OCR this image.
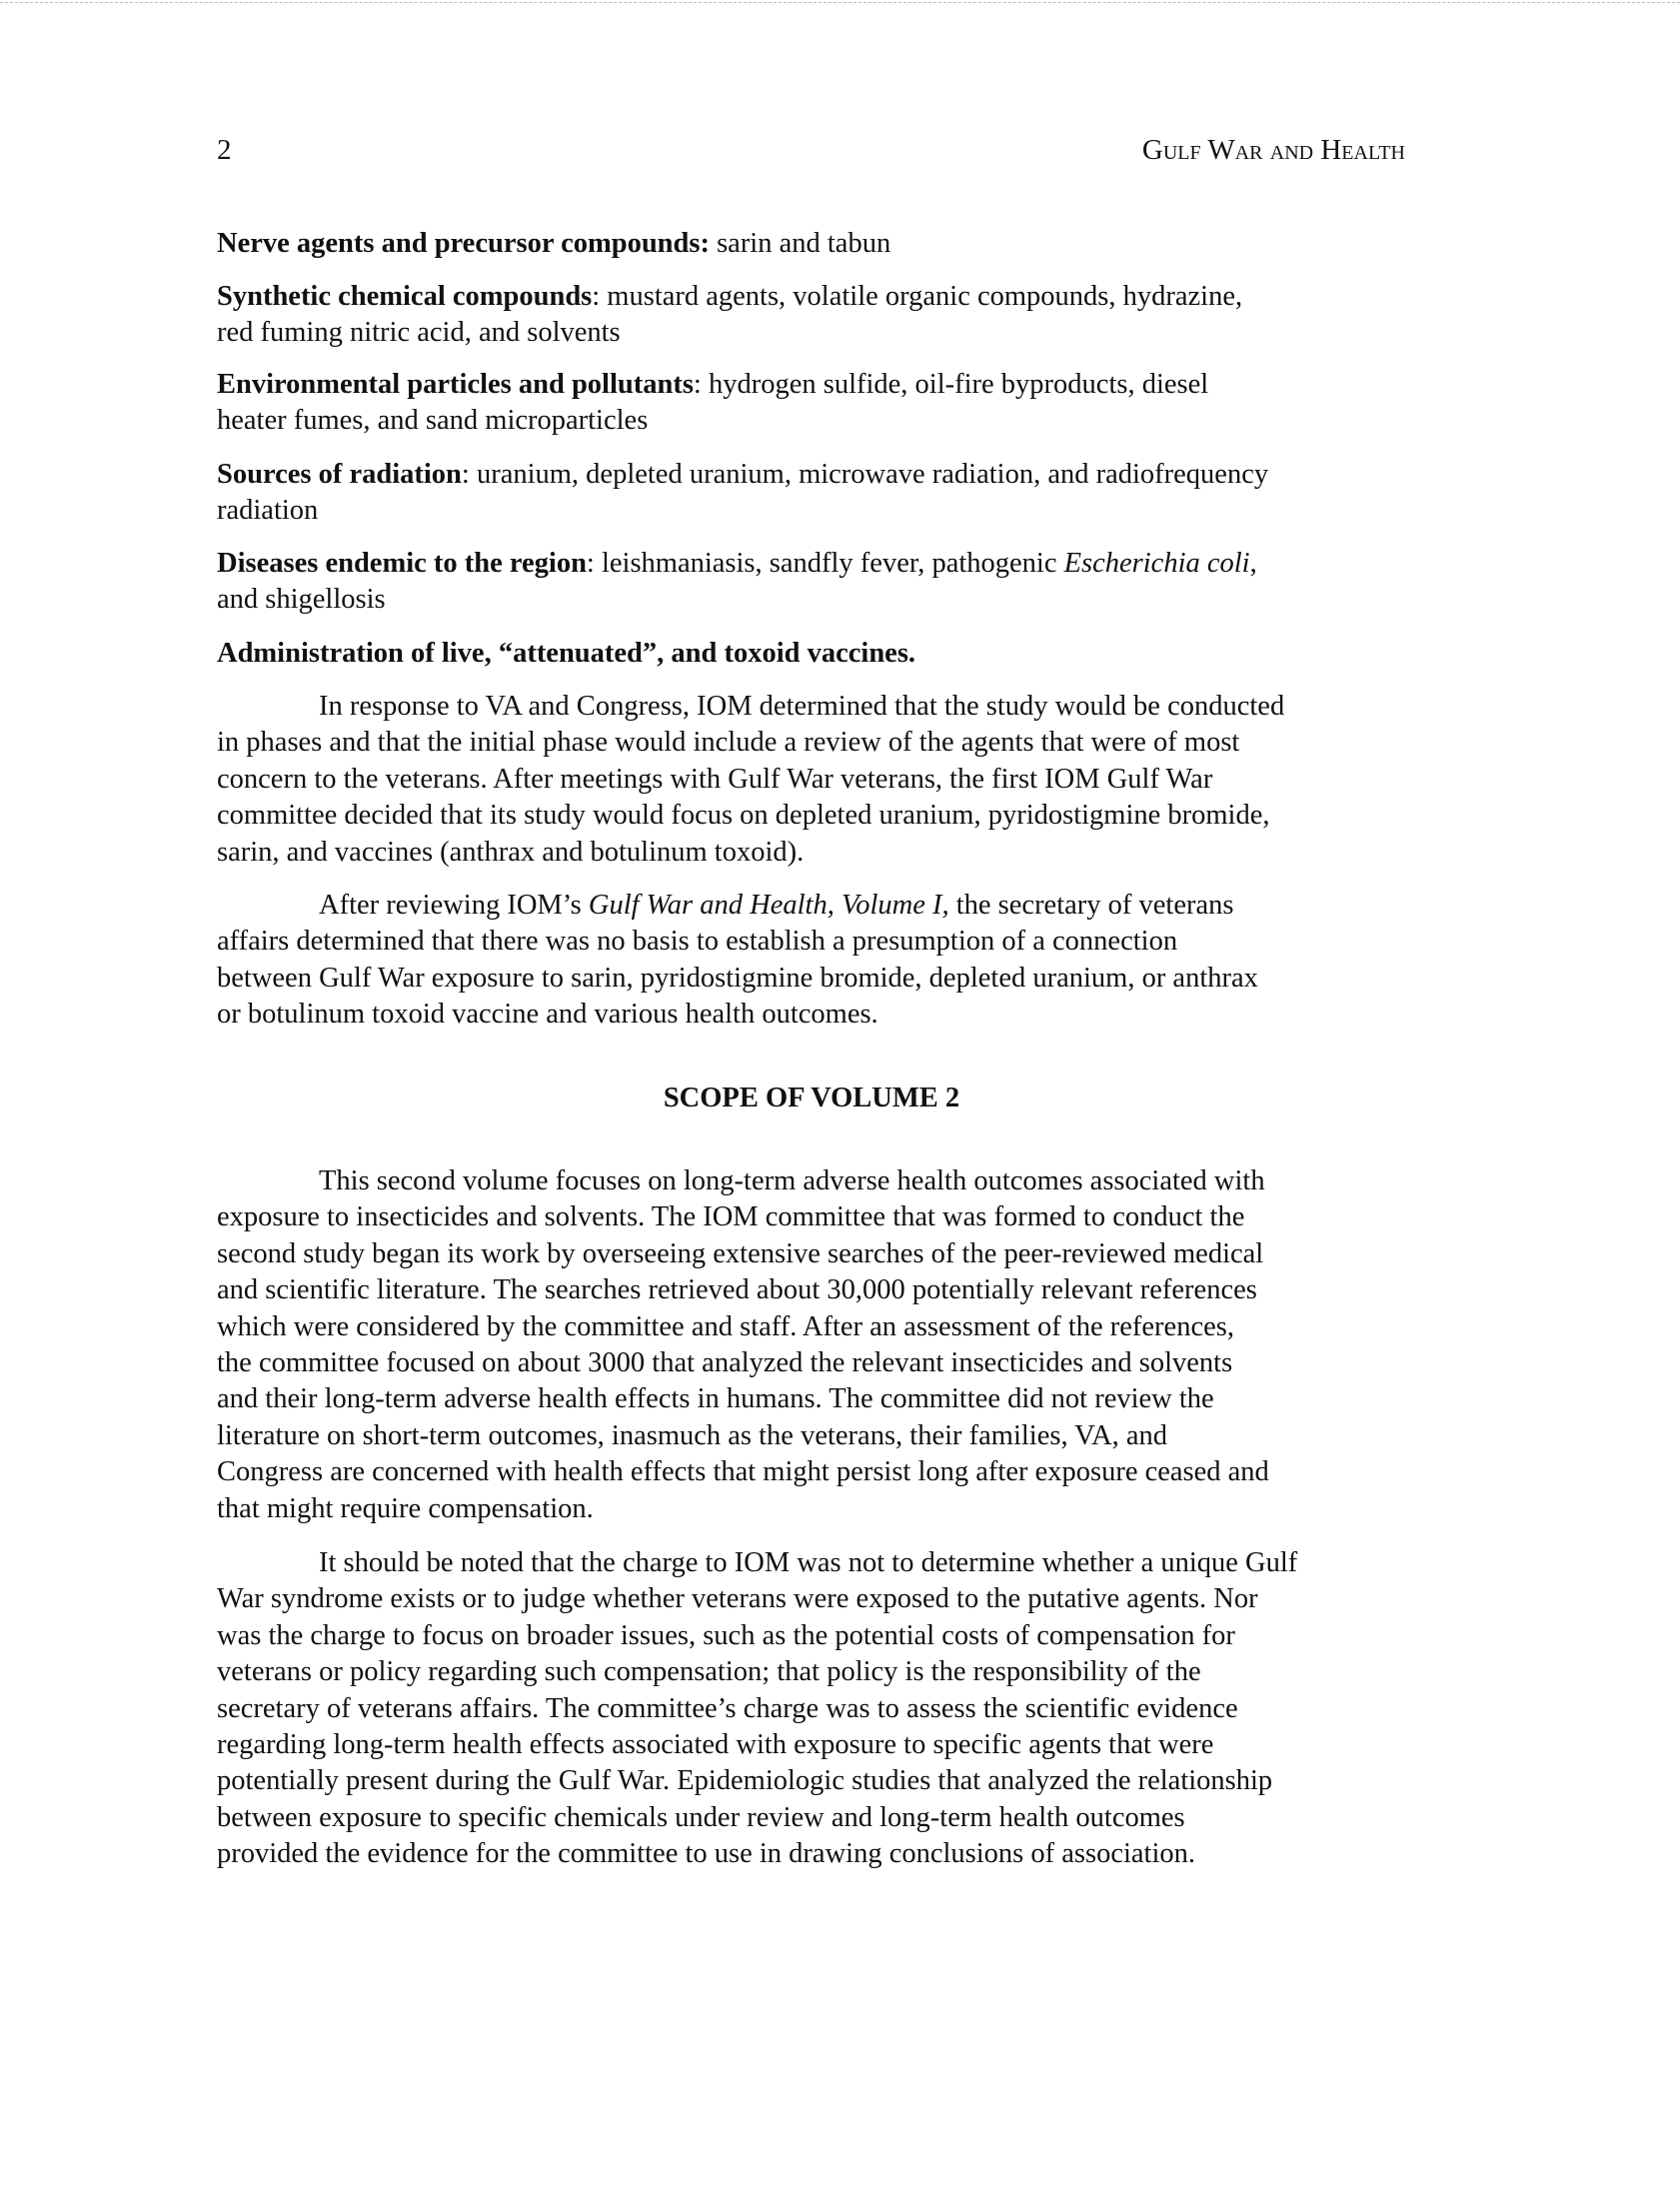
2	Gulf War and Health
SCOPE OF VOLUME 2
Nerve agents and precursor compounds: sarin and tabun
Synthetic chemical compounds: mustard agents, volatile organic compounds, hydrazine,
red fuming nitric acid, and solvents
Environmental particles and pollutants: hydrogen sulfide, oil-fire byproducts, diesel
heater fumes, and sand microparticles
Sources of radiation: uranium, depleted uranium, microwave radiation, and radiofrequency
radiation
Diseases endemic to the region: leishmaniasis, sandfly fever, pathogenic Escherichia coli,
and shigellosis
Administration of live, “attenuated”, and toxoid vaccines.
In response to VA and Congress, IOM determined that the study would be conducted
in phases and that the initial phase would include a review of the agents that were of most
concern to the veterans. After meetings with Gulf War veterans, the first IOM Gulf War
committee decided that its study would focus on depleted uranium, pyridostigmine bromide,
sarin, and vaccines (anthrax and botulinum toxoid).
After reviewing IOM’s Gulf War and Health, Volume I, the secretary of veterans
affairs determined that there was no basis to establish a presumption of a connection
between Gulf War exposure to sarin, pyridostigmine bromide, depleted uranium, or anthrax
or botulinum toxoid vaccine and various health outcomes.
This second volume focuses on long-term adverse health outcomes associated with
exposure to insecticides and solvents. The IOM committee that was formed to conduct the
second study began its work by overseeing extensive searches of the peer-reviewed medical
and scientific literature. The searches retrieved about 30,000 potentially relevant references
which were considered by the committee and staff. After an assessment of the references,
the committee focused on about 3000 that analyzed the relevant insecticides and solvents
and their long-term adverse health effects in humans. The committee did not review the
literature on short-term outcomes, inasmuch as the veterans, their families, VA, and
Congress are concerned with health effects that might persist long after exposure ceased and
that might require compensation.
It should be noted that the charge to IOM was not to determine whether a unique Gulf
War syndrome exists or to judge whether veterans were exposed to the putative agents. Nor
was the charge to focus on broader issues, such as the potential costs of compensation for
veterans or policy regarding such compensation; that policy is the responsibility of the
secretary of veterans affairs. The committee’s charge was to assess the scientific evidence
regarding long-term health effects associated with exposure to specific agents that were
potentially present during the Gulf War. Epidemiologic studies that analyzed the relationship
between exposure to specific chemicals under review and long-term health outcomes
provided the evidence for the committee to use in drawing conclusions of association.
